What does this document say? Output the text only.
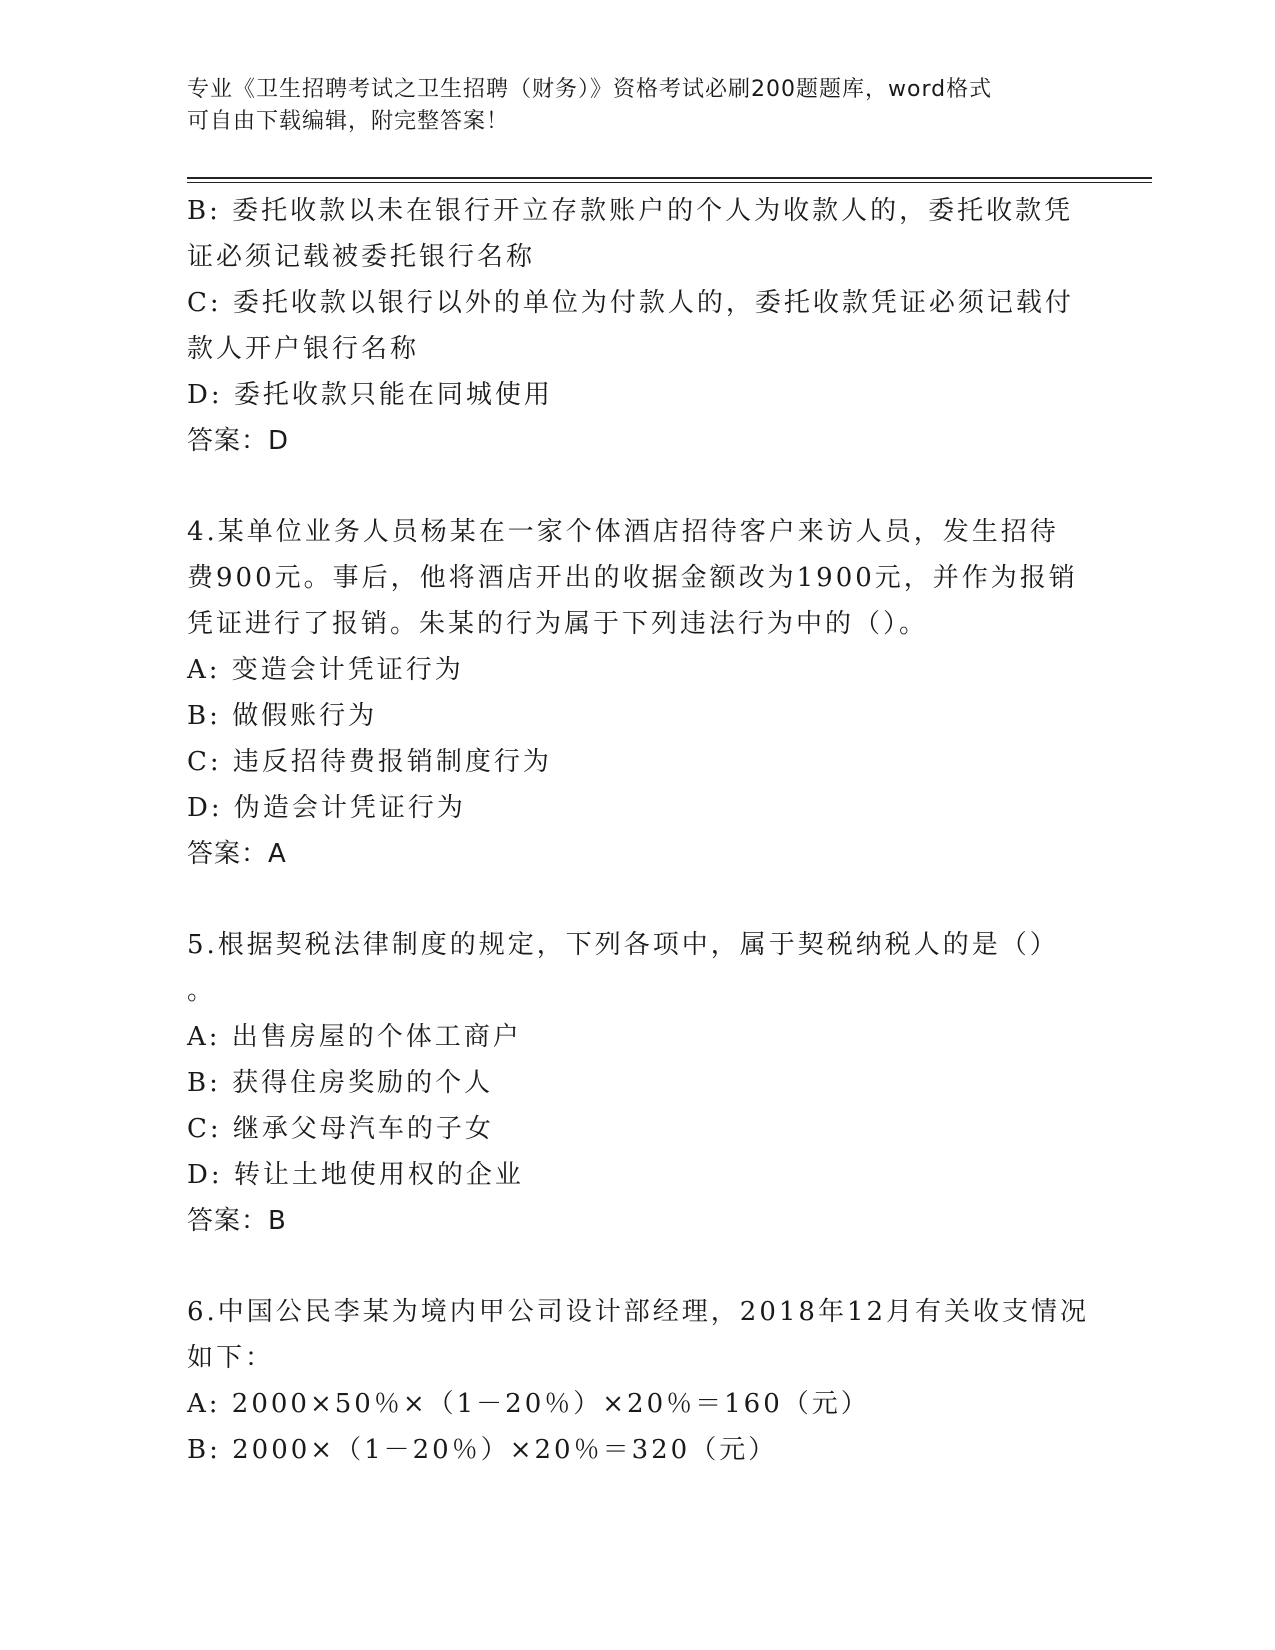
专业《卫生招聘考试之卫生招聘（财务）》资格考试必刷200题题库，word格式
可自由下载编辑，附完整答案！
B: 委托收款以未在银行开立存款账户的个人为收款人的，委托收款凭
证必须记载被委托银行名称
C: 委托收款以银行以外的单位为付款人的，委托收款凭证必须记载付
款人开户银行名称
D: 委托收款只能在同城使用
答案：D
4.某单位业务人员杨某在一家个体酒店招待客户来访人员，发生招待
费900元。事后，他将酒店开出的收据金额改为1900元，并作为报销
凭证进行了报销。朱某的行为属于下列违法行为中的（）。
A: 变造会计凭证行为
B: 做假账行为
C: 违反招待费报销制度行为
D: 伪造会计凭证行为
答案：A
5.根据契税法律制度的规定，下列各项中，属于契税纳税人的是（）
。
A: 出售房屋的个体工商户
B: 获得住房奖励的个人
C: 继承父母汽车的子女
D: 转让土地使用权的企业
答案：B
6.中国公民李某为境内甲公司设计部经理，2018年12月有关收支情况
如下：
A: 2000×50％×（1－20％）×20％＝160（元）
B: 2000×（1－20％）×20％＝320（元）
